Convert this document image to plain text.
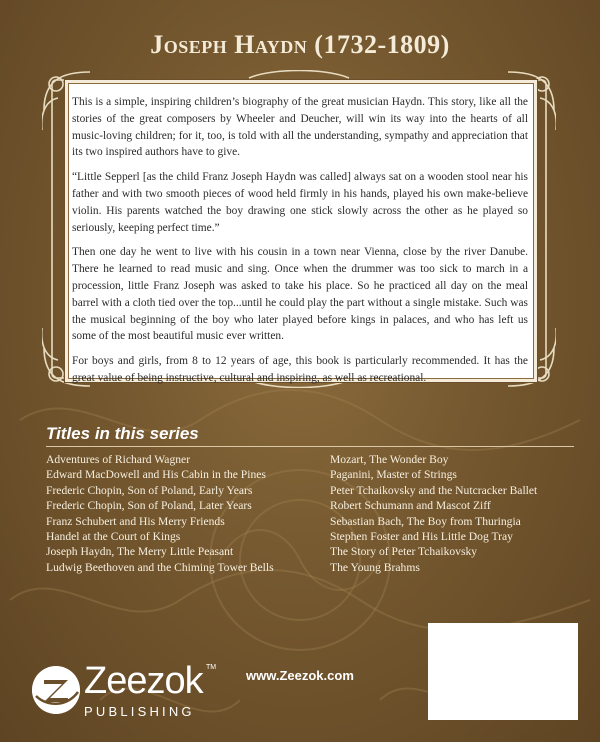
Joseph Haydn (1732-1809)

This is a simple, inspiring children’s biography of the great musician Haydn. This story, like all the stories of the great composers by Wheeler and Deucher, will win its way into the hearts of all music-loving children; for it, too, is told with all the understanding, sympathy and appreciation that its two inspired authors have to give.

“Little Sepperl [as the child Franz Joseph Haydn was called] always sat on a wooden stool near his father and with two smooth pieces of wood held firmly in his hands, played his own make-believe violin. His parents watched the boy drawing one stick slowly across the other as he played so seriously, keeping perfect time.”

Then one day he went to live with his cousin in a town near Vienna, close by the river Danube. There he learned to read music and sing. Once when the drummer was too sick to march in a procession, little Franz Joseph was asked to take his place. So he practiced all day on the meal barrel with a cloth tied over the top...until he could play the part without a single mistake. Such was the musical beginning of the boy who later played before kings in palaces, and who has left us some of the most beautiful music ever written.

For boys and girls, from 8 to 12 years of age, this book is particularly recommended. It has the great value of being instructive, cultural and inspiring, as well as recreational.

Titles in this series
Adventures of Richard Wagner
Edward MacDowell and His Cabin in the Pines
Frederic Chopin, Son of Poland, Early Years
Frederic Chopin, Son of Poland, Later Years
Franz Schubert and His Merry Friends
Handel at the Court of Kings
Joseph Haydn, The Merry Little Peasant
Ludwig Beethoven and the Chiming Tower Bells
Mozart, The Wonder Boy
Paganini, Master of Strings
Peter Tchaikovsky and the Nutcracker Ballet
Robert Schumann and Mascot Ziff
Sebastian Bach, The Boy from Thuringia
Stephen Foster and His Little Dog Tray
The Story of Peter Tchaikovsky
The Young Brahms
Zeezok TM
PUBLISHING
www.Zeezok.com
